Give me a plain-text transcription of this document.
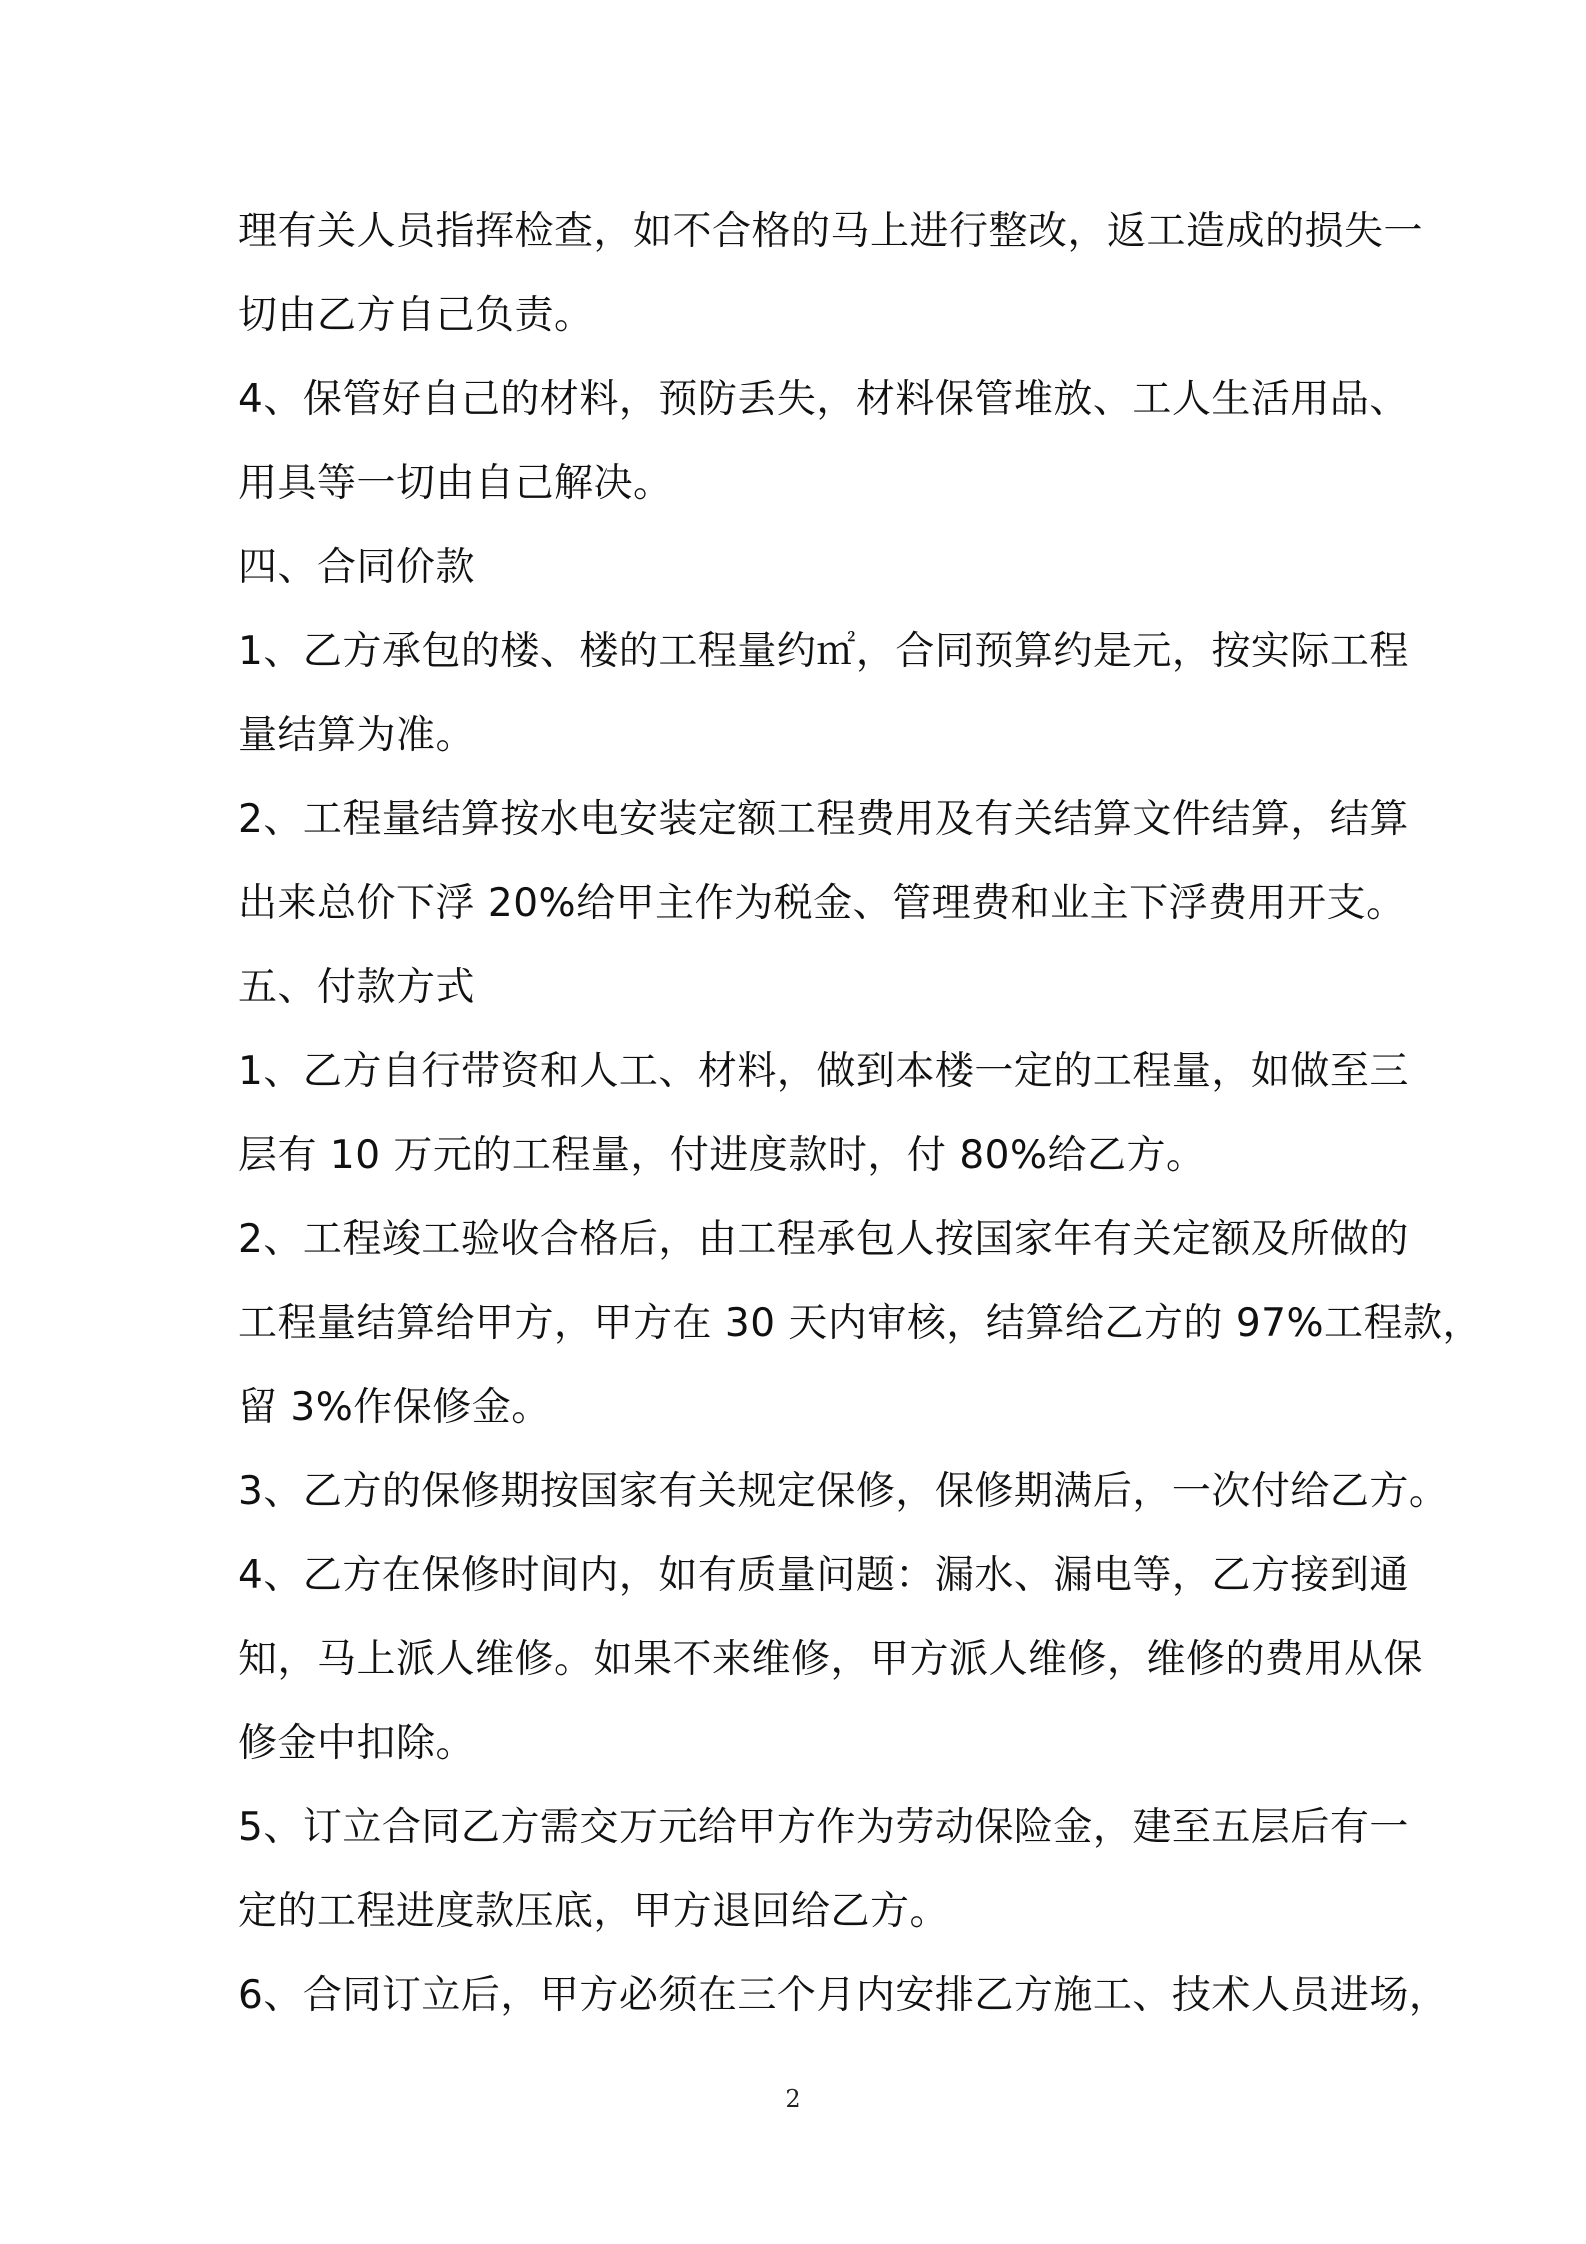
理有关人员指挥检查，如不合格的马上进行整改，返工造成的损失一
切由乙方自己负责。
4、保管好自己的材料，预防丢失，材料保管堆放、工人生活用品、
用具等一切由自己解决。
四、合同价款
1、乙方承包的楼、楼的工程量约㎡，合同预算约是元，按实际工程
量结算为准。
2、工程量结算按水电安装定额工程费用及有关结算文件结算，结算
出来总价下浮 20%给甲主作为税金、管理费和业主下浮费用开支。
五、付款方式
1、乙方自行带资和人工、材料，做到本楼一定的工程量，如做至三
层有 10 万元的工程量，付进度款时，付 80%给乙方。
2、工程竣工验收合格后，由工程承包人按国家年有关定额及所做的
工程量结算给甲方，甲方在 30 天内审核，结算给乙方的 97%工程款，
留 3%作保修金。
3、乙方的保修期按国家有关规定保修，保修期满后，一次付给乙方。
4、乙方在保修时间内，如有质量问题：漏水、漏电等，乙方接到通
知，马上派人维修。如果不来维修，甲方派人维修，维修的费用从保
修金中扣除。
5、订立合同乙方需交万元给甲方作为劳动保险金，建至五层后有一
定的工程进度款压底，甲方退回给乙方。
6、合同订立后，甲方必须在三个月内安排乙方施工、技术人员进场，
2
